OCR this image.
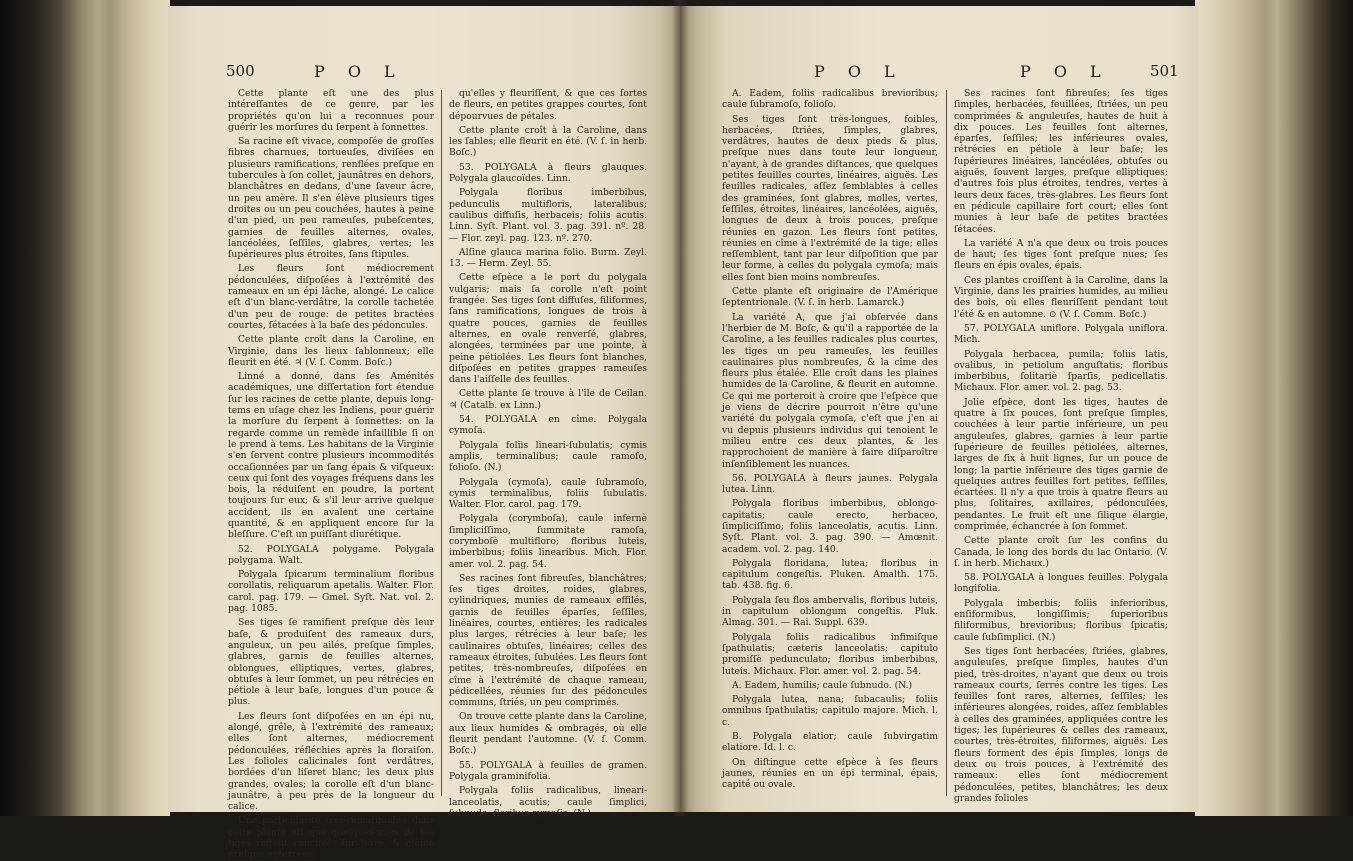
500	P O L

Cette plante eſt une des plus intéreſſantes de ce genre, par les propriétés qu'on lui a reconnues pour guérir les morſures du ſerpent à ſonnettes.

Sa racine eſt vivace, compoſée de groſſes fibres charnues, tortueuſes, diviſées en plusieurs ramifications, renflées preſque en tubercules à ſon collet, jaunâtres en dehors, blanchâtres en dedans, d'une ſaveur âcre, un peu amère. Il s'en élève plusieurs tiges droites ou un peu couchées, hautes à peine d'un pied, un peu rameuſes, pubeſcentes, garnies de feuilles alternes, ovales, lancéolées, ſeſſiles, glabres, vertes; les ſupérieures plus étroites, ſans ſtipules.

Les fleurs ſont médiocrement pédonculées, diſpoſées à l'extrémité des rameaux en un épi lâche, alongé. Le calice eſt d'un blanc-verdâtre, la corolle tachetée d'un peu de rouge: de petites bractées courtes, ſétacées à la baſe des pédoncules.

Cette plante croît dans la Caroline, en Virginie, dans les lieux ſablonneux; elle fleurit en été. ♃ (V. ſ. Comm. Boſc.)

Linné a donné, dans ſes Aménités académiques, une diſſertation fort étendue ſur les racines de cette plante, depuis long-tems en uſage chez les Indiens, pour guérir la morſure du ſerpent à ſonnettes: on la regarde comme un remède infaillible ſi on le prend à tems. Les habitans de la Virginie s'en ſervent contre plusieurs incommodités occaſionnées par un ſang épais & viſqueux: ceux qui ſont des voyages fréquens dans les bois, la réduiſent en poudre, la portent toujours ſur eux; & s'il leur arrive quelque accident, ils en avalent une certaine quantité, & en appliquent encore ſur la bleſſure. C'eſt un puiſſant diurétique.

52. POLYGALA polygame. Polygala polygama. Walt.

Polygala ſpicarum terminalium floribus corollatis, reliquarum apetalis. Walter. Flor. carol. pag. 179. — Gmel. Syſt. Nat. vol. 2. pag. 1085.

Ses tiges ſe ramifient preſque dès leur baſe, & produiſent des rameaux durs, anguleux, un peu ailés, preſque ſimples, glabres, garnis de feuilles alternes, oblongues, elliptiques, vertes, glabres, obtuſes à leur ſommet, un peu rétrécies en pétiole à leur baſe, longues d'un pouce & plus.

Les fleurs ſont diſpoſées en un épi nu, alongé, grêle, à l'extrémité des rameaux; elles ſont alternes, médiocrement pédonculées, réfléchies après la floraiſon. Les folioles calicinales ſont verdâtres, bordées d'un liſeret blanc; les deux plus grandes, ovales; la corolle eſt d'un blanc-jaunâtre, à peu près de la longueur du calice.

Une particularité très-remarquable dans cette plante eſt que quelques-unes de ſes tiges reſtent couchées ſur terre, & même preſque enterrées;

qu'elles y fleuriſſent, & que ces ſortes de fleurs, en petites grappes courtes, ſont dépourvues de pétales.

Cette plante croît à la Caroline, dans les ſables; elle fleurit en été. (V. ſ. in herb. Boſc.)

53. POLYGALA à fleurs glauques. Polygala glaucoïdes. Linn.

Polygala floribus imberbibus, pedunculis multifloris, lateralibus; caulibus diffuſis, herbaceis; foliis acutis. Linn. Syſt. Plant. vol. 3. pag. 391. nº. 28. — Flor. zeyl. pag. 123. nº. 270.

Alſine glauca marina folio. Burm. Zeyl. 13. — Herm. Zeyl. 55.

Cette eſpèce a le port du polygala vulgaris; mais ſa corolle n'eſt point frangée. Ses tiges ſont diffuſes, filiformes, ſans ramifications, longues de trois à quatre pouces, garnies de feuilles alternes, en ovale renverſé, glabres, alongées, terminées par une pointe, à peine pétiolées. Les fleurs ſont blanches, diſpoſées en petites grappes rameuſes dans l'aiſſelle des feuilles.

Cette plante ſe trouve à l'île de Ceilan. ♃ (Catalb. ex Linn.)

54. POLYGALA en cîme. Polygala cymoſa.

Polygala foliis lineari-ſubulatis; cymis amplis, terminalibus; caule ramoſo, folioſo. (N.)

Polygala (cymoſa), caule ſubramoſo, cymis terminalibus, foliis ſubulatis. Walter. Flor. carol. pag. 179.

Polygala (corymboſa), caule infernè ſimpliciſſimo, ſummitate ramoſa, corymboſè multifloro; floribus luteis, imberbibus; foliis linearibus. Mich. Flor. amer. vol. 2. pag. 54.

Ses racines ſont fibreuſes, blanchâtres; ſes tiges droites, roides, glabres, cylindriques, munies de rameaux effilés, garnis de feuilles éparſes, ſeſſiles, linéaires, courtes, entières; les radicales plus larges, rétrécies à leur baſe; les caulinaires obtuſes, linéaires; celles des rameaux étroites, ſubulées. Les fleurs ſont petites, très-nombreuſes, diſpoſées en cîme à l'extrémité de chaque rameau, pédicellées, réunies ſur des pédoncules communs, ſtriés, un peu comprimés.

On trouve cette plante dans la Caroline, aux lieux humides & ombragés, où elle fleurit pendant l'automne. (V. ſ. Comm. Boſc.)

55. POLYGALA à feuilles de gramen. Polygala graminifolia.

Polygala foliis radicalibus, lineari-lanceolatis, acutis; caule ſimplici, ſubnudo; floribus cymoſis. (N.)

P O L	P O L	501

A. Eadem, foliis radicalibus brevioribus; caule ſubramoſo, folioſo.

Ses tiges ſont très-longues, foibles, herbacées, ſtriées, ſimples, glabres, verdâtres, hautes de deux pieds & plus, preſque nues dans toute leur longueur, n'ayant, à de grandes diſtances, que quelques petites feuilles courtes, linéaires, aiguës. Les feuilles radicales, aſſez ſemblables à celles des graminées, ſont glabres, molles, vertes, ſeſſiles, étroites, linéaires, lancéolées, aiguës, longues de deux à trois pouces, preſque réunies en gazon. Les fleurs ſont petites, réunies en cîme à l'extrémité de la tige; elles reſſemblent, tant par leur diſpoſition que par leur forme, à celles du polygala cymoſa; mais elles ſont bien moins nombreuſes.

Cette plante eſt originaire de l'Amérique ſeptentrionale. (V. ſ. in herb. Lamarck.)

La variété A, que j'ai obſervée dans l'herbier de M. Boſc, & qu'il a rapportée de la Caroline, a les feuilles radicales plus courtes, les tiges un peu rameuſes, les feuilles caulinaires plus nombreuſes, & la cîme des fleurs plus étalée. Elle croît dans les plaines humides de la Caroline, & fleurit en automne. Ce qui me porteroit à croire que l'eſpèce que je viens de décrire pourroit n'être qu'une variété du polygala cymoſa, c'eſt que j'en ai vu depuis plusieurs individus qui tenoient le milieu entre ces deux plantes, & les rapprochoient de manière à faire diſparoître inſenſiblement les nuances.

56. POLYGALA à fleurs jaunes. Polygala lutea. Linn.

Polygala floribus imberbibus, oblongo-capitatis; caule erecto, herbaceo, ſimpliciſſimo; foliis lanceolatis, acutis. Linn. Syſt. Plant. vol. 3. pag. 390. — Amœnit. academ. vol. 2. pag. 140.

Polygala floridana, lutea; floribus in capitulum congeſtis. Pluken. Amalth. 175. tab. 438. fig. 6.

Polygala ſeu flos ambervalis, floribus luteis, in capitulum oblongum congeſtis. Pluk. Almag. 301. — Rai. Suppl. 639.

Polygala foliis radicalibus infimiſque ſpathulatis; cæteris lanceolatis; capitulo promiſſè pedunculato; floribus imberbibus, luteis. Michaux. Flor. amer. vol. 2. pag. 54.

A. Eadem, humilis; caule ſubnudo. (N.)

Polygala lutea, nana; ſubacaulis; foliis omnibus ſpathulatis; capitulo majore. Mich. l. c.

B. Polygala elatior; caule ſubvirgatim elatiore. Id. l. c.

On diſtingue cette eſpèce à ſes fleurs jaunes, réunies en un épi terminal, épais, capité ou ovale.

Ses racines ſont fibreuſes; ſes tiges ſimples, herbacées, feuillées, ſtriées, un peu comprimées & anguleuſes, hautes de huit à dix pouces. Les feuilles ſont alternes, éparſes, ſeſſiles; les inférieures ovales, rétrécies en pétiole à leur baſe; les ſupérieures linéaires, lancéolées, obtuſes ou aiguës, ſouvent larges, preſque elliptiques; d'autres fois plus étroites, tendres, vertes à leurs deux faces, très-glabres. Les fleurs ſont en pédicule capillaire fort court; elles ſont munies à leur baſe de petites bractées ſétacées.

La variété A n'a que deux ou trois pouces de haut; ſes tiges ſont preſque nues; ſes fleurs en épis ovales, épais.

Ces plantes croiſſent à la Caroline, dans la Virginie, dans les prairies humides, au milieu des bois, où elles fleuriſſent pendant tout l'été & en automne. ⊙ (V. ſ. Comm. Boſc.)

57. POLYGALA uniflore. Polygala uniflora. Mich.

Polygala herbacea, pumila; foliis latis, ovalibus, in petiolum anguſtatis; floribus imberbibus, ſolitariè ſparſis, pedicellatis. Michaux. Flor. amer. vol. 2. pag. 53.

Jolie eſpèce, dont les tiges, hautes de quatre à ſix pouces, ſont preſque ſimples, couchées à leur partie inférieure, un peu anguleuſes, glabres, garnies à leur partie ſupérieure de feuilles pétiolées, alternes, larges de ſix à huit lignes, ſur un pouce de long; la partie inférieure des tiges garnie de quelques autres feuilles fort petites, ſeſſiles, écartées. Il n'y a que trois à quatre fleurs au plus, ſolitaires, axillaires, pédonculées, pendantes. Le fruit eſt une ſilique élargie, comprimée, échancrée à ſon ſommet.

Cette plante croît ſur les confins du Canada, le long des bords du lac Ontario. (V. ſ. in herb. Michaux.)

58. POLYGALA à longues feuilles. Polygala longifolia.

Polygala imberbis; foliis inferioribus, enſiformibus, longiſſimis; ſuperioribus filiformibus, brevioribus; floribus ſpicatis; caule ſubſimplici. (N.)

Ses tiges ſont herbacées, ſtriées, glabres, anguleuſes, preſque ſimples, hautes d'un pied, très-droites, n'ayant que deux ou trois rameaux courts, ſerrés contre les tiges. Les feuilles ſont rares, alternes, ſeſſiles; les inférieures alongées, roides, aſſez ſemblables à celles des graminées, appliquées contre les tiges; les ſupérieures & celles des rameaux, courtes, très-étroites, filiformes, aiguës. Les fleurs forment des épis ſimples, longs de deux ou trois pouces, à l'extrémité des rameaux: elles ſont médiocrement pédonculées, petites, blanchâtres; les deux grandes folioles
